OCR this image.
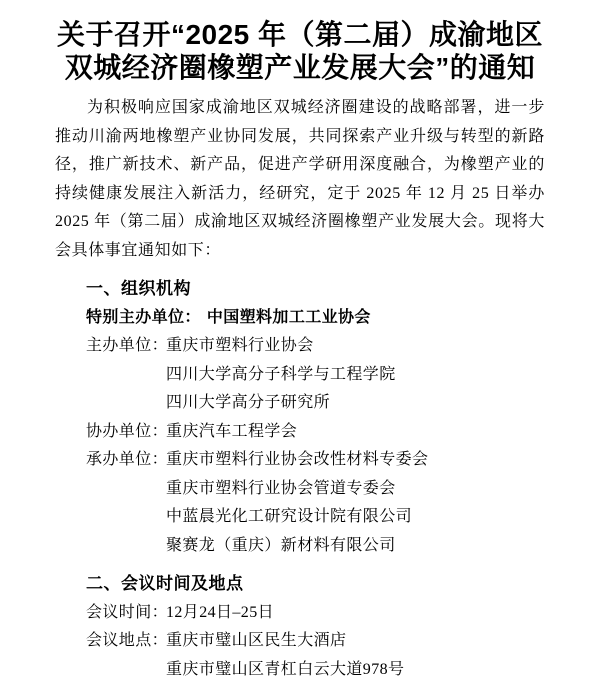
关于召开“2025 年（第二届）成渝地区
双城经济圈橡塑产业发展大会”的通知

为积极响应国家成渝地区双城经济圈建设的战略部署，进一步推动川渝两地橡塑产业协同发展，共同探索产业升级与转型的新路径，推广新技术、新产品，促进产学研用深度融合，为橡塑产业的持续健康发展注入新活力，经研究，定于 2025 年 12 月 25 日举办 2025 年（第二届）成渝地区双城经济圈橡塑产业发展大会。现将大会具体事宜通知如下：

一、组织机构
特别主办单位： 中国塑料加工工业协会
主办单位：重庆市塑料行业协会
四川大学高分子科学与工程学院
四川大学高分子研究所
协办单位：重庆汽车工程学会
承办单位：重庆市塑料行业协会改性材料专委会
重庆市塑料行业协会管道专委会
中蓝晨光化工研究设计院有限公司
聚赛龙（重庆）新材料有限公司
二、会议时间及地点
会议时间：12月24日–25日
会议地点：重庆市璧山区民生大酒店
重庆市璧山区青杠白云大道978号
